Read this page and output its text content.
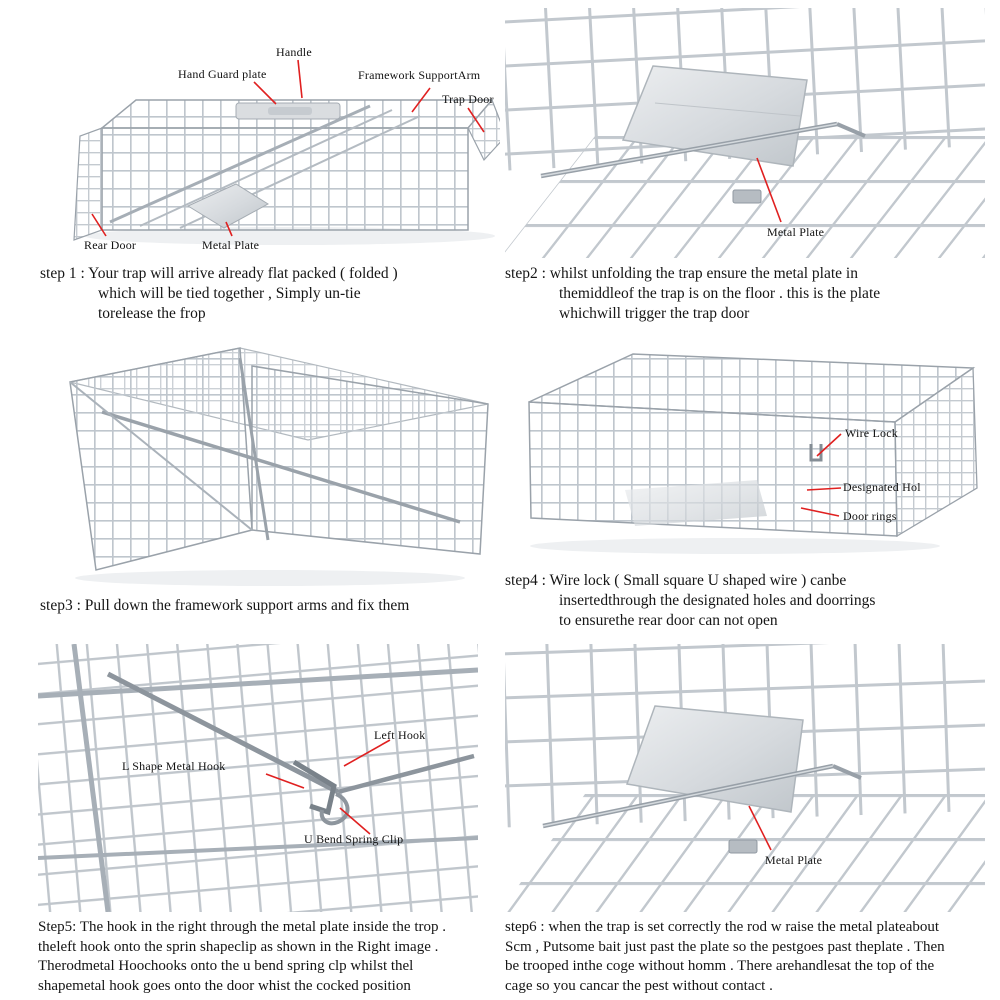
Handle
Hand Guard plate	Framework SupportArm
Trap Door
Rear Door	Metal Plate
step 1 : Your trap will arrive already flat packed ( folded )
which will be tied together , Simply un-tie
torelease the frop
Metal Plate
step2 : whilst unfolding the trap ensure the metal plate in
themiddleof the trap is on the floor . this is the plate
whichwill trigger the trap door
step3 : Pull down the framework support arms and fix them
Wire Lock
Designated Hol
Door rings
step4 : Wire lock ( Small square U shaped wire ) canbe
insertedthrough the designated holes and doorrings
to ensurethe rear door can not open
Left Hook
L Shape Metal Hook
U Bend Spring Clip
Step5: The hook in the right through the metal plate inside the trop .
theleft hook onto the sprin shapeclip as shown in the Right image .
Therodmetal Hoochooks onto the u bend spring clp whilst thel
shapemetal hook goes onto the door whist the cocked position
Metal Plate
step6 : when the trap is set correctly the rod w raise the metal plateabout
Scm , Putsome bait just past the plate so the pestgoes past theplate . Then
be trooped inthe coge without homm . There arehandlesat the top of the
cage so you cancar the pest without contact .
